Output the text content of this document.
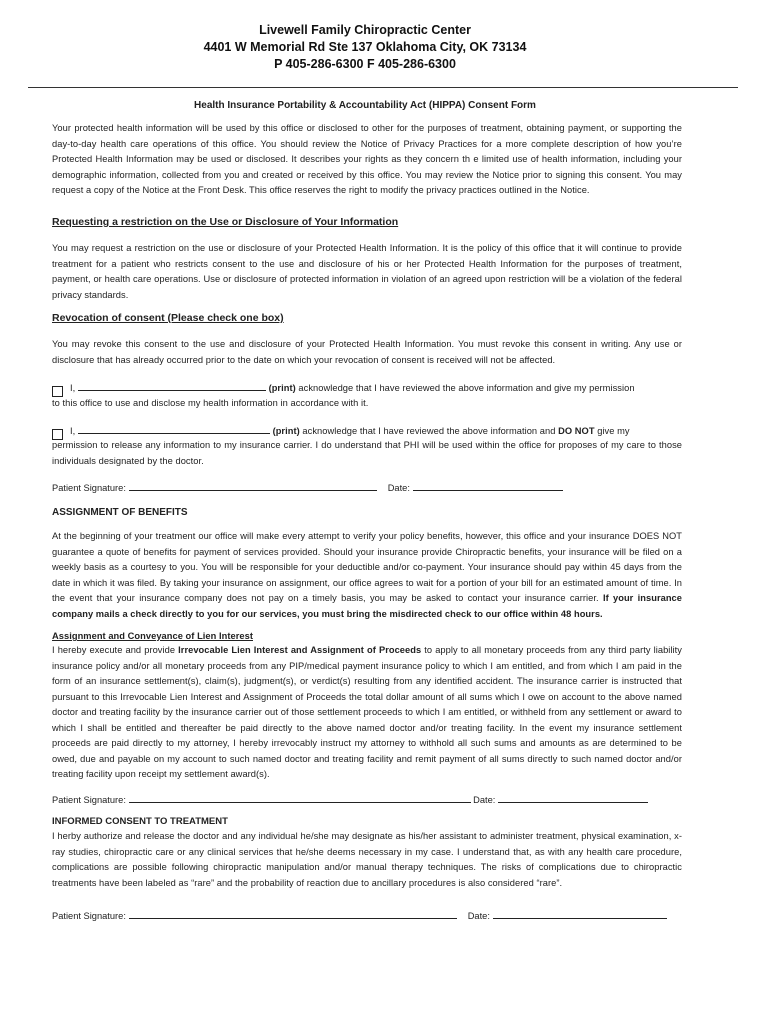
Livewell Family Chiropractic Center
4401 W Memorial Rd Ste 137 Oklahoma City, OK 73134
P 405-286-6300 F 405-286-6300
Health Insurance Portability & Accountability Act (HIPPA) Consent Form
Your protected health information will be used by this office or disclosed to other for the purposes of treatment, obtaining payment, or supporting the day-to-day health care operations of this office. You should review the Notice of Privacy Practices for a more complete description of how you’re Protected Health Information may be used or disclosed. It describes your rights as they concern th e limited use of health information, including your demographic information, collected from you and created or received by this office. You may review the Notice prior to signing this consent. You may request a copy of the Notice at the Front Desk. This office reserves the right to modify the privacy practices outlined in the Notice.
Requesting a restriction on the Use or Disclosure of Your Information
You may request a restriction on the use or disclosure of your Protected Health Information. It is the policy of this office that it will continue to provide treatment for a patient who restricts consent to the use and disclosure of his or her Protected Health Information for the purposes of treatment, payment, or health care operations. Use or disclosure of protected information in violation of an agreed upon restriction will be a violation of the federal privacy standards.
Revocation of consent (Please check one box)
You may revoke this consent to the use and disclosure of your Protected Health Information. You must revoke this consent in writing. Any use or disclosure that has already occurred prior to the date on which your revocation of consent is received will not be affected.
I,	(print) acknowledge that I have reviewed the above information and give my permission
to this office to use and disclose my health information in accordance with it.
I,	(print) acknowledge that I have reviewed the above information and DO NOT give my
permission to release any information to my insurance carrier. I do understand that PHI will be used within the office for proposes of my care to those individuals designated by the doctor.
Patient Signature:	Date:
ASSIGNMENT OF BENEFITS
At the beginning of your treatment our office will make every attempt to verify your policy benefits, however, this office and your insurance DOES NOT guarantee a quote of benefits for payment of services provided. Should your insurance provide Chiropractic benefits, your insurance will be filed on a weekly basis as a courtesy to you. You will be responsible for your deductible and/or co-payment. Your insurance should pay within 45 days from the date in which it was filed. By taking your insurance on assignment, our office agrees to wait for a portion of your bill for an estimated amount of time. In the event that your insurance company does not pay on a timely basis, you may be asked to contact your insurance carrier. If your insurance company mails a check directly to you for our services, you must bring the misdirected check to our office within 48 hours.
Assignment and Conveyance of Lien Interest
I hereby execute and provide Irrevocable Lien Interest and Assignment of Proceeds to apply to all monetary proceeds from any third party liability insurance policy and/or all monetary proceeds from any PIP/medical payment insurance policy to which I am entitled, and from which I am paid in the form of an insurance settlement(s), claim(s), judgment(s), or verdict(s) resulting from any identified accident. The insurance carrier is instructed that pursuant to this Irrevocable Lien Interest and Assignment of Proceeds the total dollar amount of all sums which I owe on account to the above named doctor and treating facility by the insurance carrier out of those settlement proceeds to which I am entitled, or withheld from any settlement or award to which I shall be entitled and thereafter be paid directly to the above named doctor and/or treating facility. In the event my insurance settlement proceeds are paid directly to my attorney, I hereby irrevocably instruct my attorney to withhold all such sums and amounts as are determined to be owed, due and payable on my account to such named doctor and treating facility and remit payment of all sums directly to such named doctor and/or treating facility upon receipt my settlement award(s).
Patient Signature:	Date:
INFORMED CONSENT TO TREATMENT
I herby authorize and release the doctor and any individual he/she may designate as his/her assistant to administer treatment, physical examination, x-ray studies, chiropractic care or any clinical services that he/she deems necessary in my case. I understand that, as with any health care procedure, complications are possible following chiropractic manipulation and/or manual therapy techniques. The risks of complications due to chiropractic treatments have been labeled as “rare” and the probability of reaction due to ancillary procedures is also considered “rare”.
Patient Signature:	Date:
